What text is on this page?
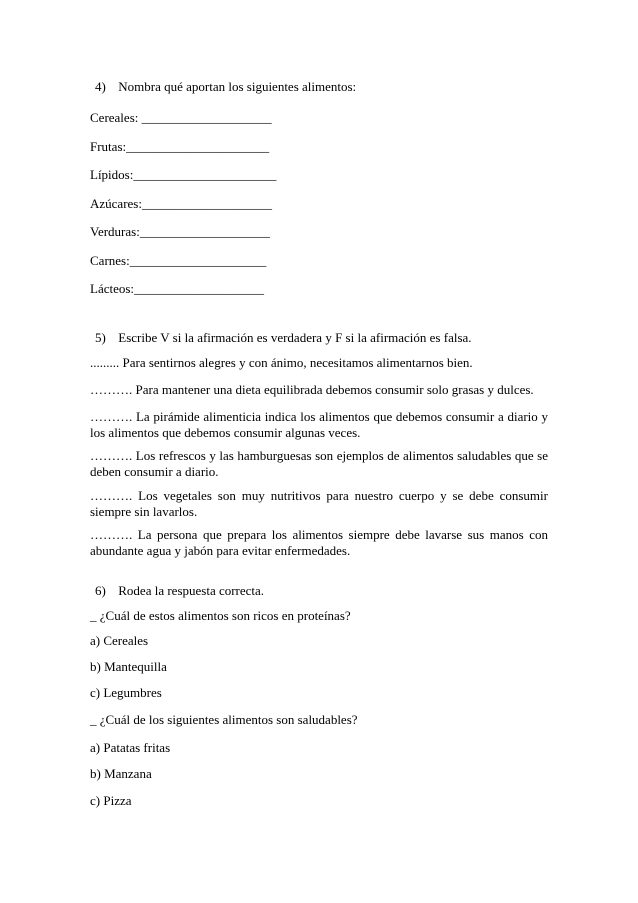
4) Nombra qué aportan los siguientes alimentos:
Cereales: ____________________
Frutas:______________________
Lípidos:______________________
Azúcares:____________________
Verduras:____________________
Carnes:_____________________
Lácteos:____________________
5) Escribe V si la afirmación es verdadera y F si la afirmación es falsa.
......... Para sentirnos alegres y con ánimo, necesitamos alimentarnos bien.
………. Para mantener una dieta equilibrada debemos consumir solo grasas y dulces.
………. La pirámide alimenticia indica los alimentos que debemos consumir a diario y los alimentos que debemos consumir algunas veces.
………. Los refrescos y las hamburguesas son ejemplos de alimentos saludables que se deben consumir a diario.
………. Los vegetales son muy nutritivos para nuestro cuerpo y se debe consumir siempre sin lavarlos.
………. La persona que prepara los alimentos siempre debe lavarse sus manos con abundante agua y jabón para evitar enfermedades.
6) Rodea la respuesta correcta.
_ ¿Cuál de estos alimentos son ricos en proteínas?
a) Cereales
b) Mantequilla
c) Legumbres
_ ¿Cuál de los siguientes alimentos son saludables?
a) Patatas fritas
b) Manzana
c) Pizza
